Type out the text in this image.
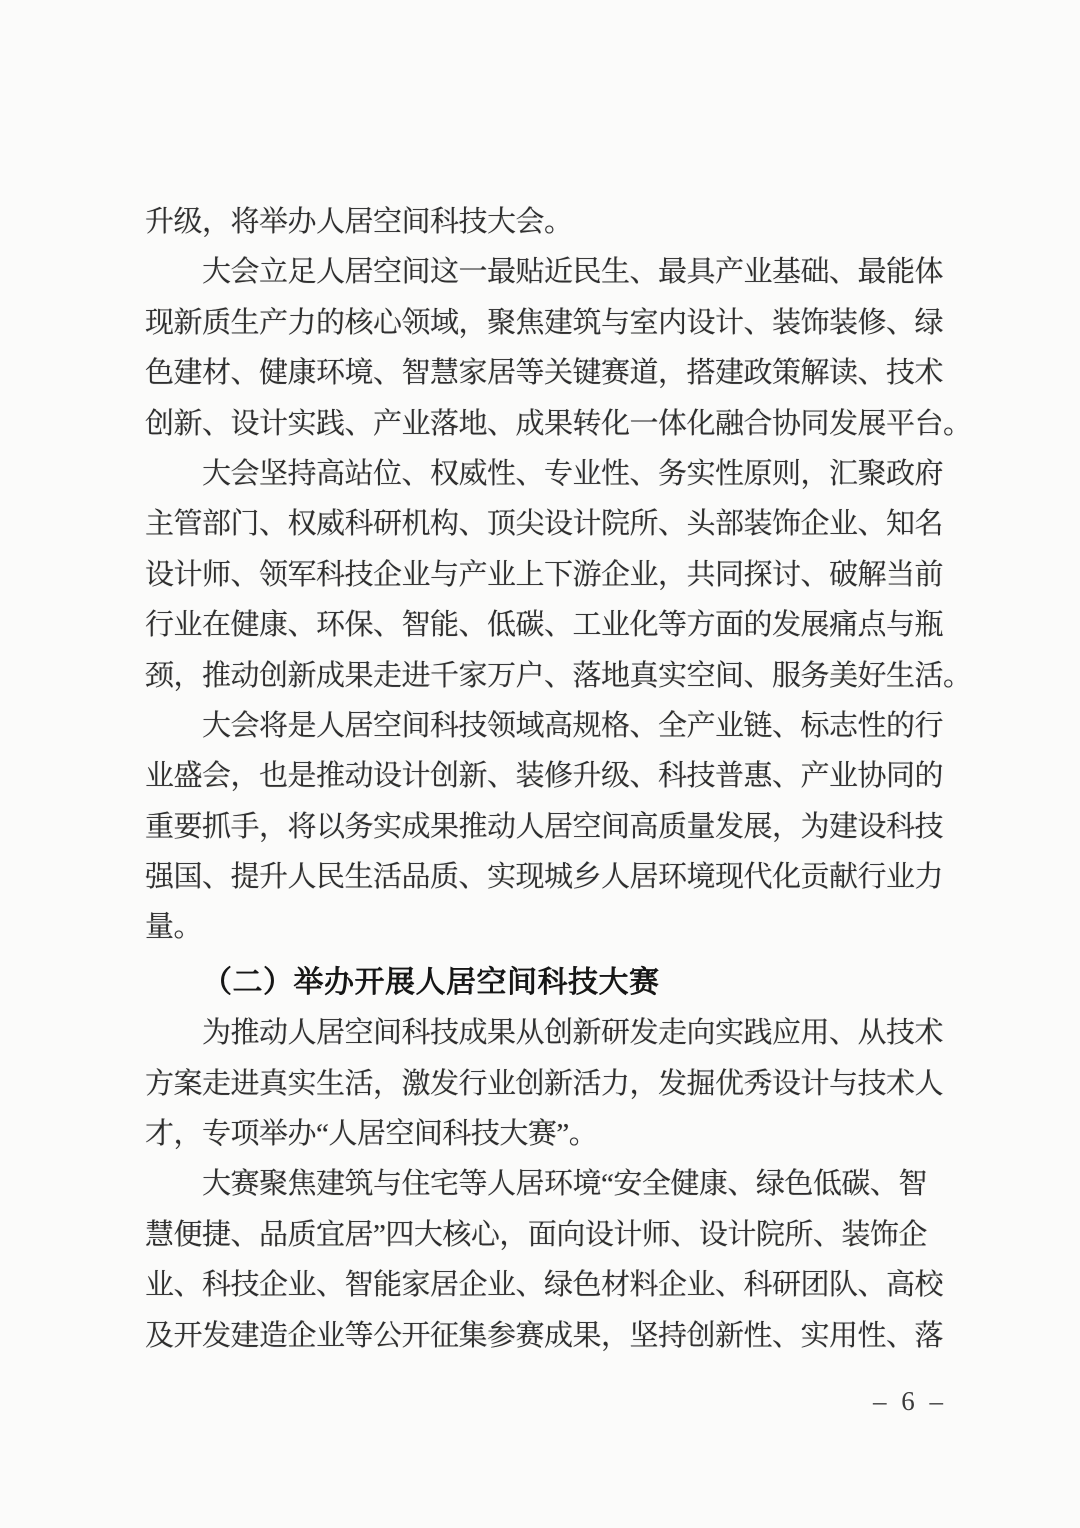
升级，将举办人居空间科技大会。
大会立足人居空间这一最贴近民生、最具产业基础、最能体
现新质生产力的核心领域，聚焦建筑与室内设计、装饰装修、绿
色建材、健康环境、智慧家居等关键赛道，搭建政策解读、技术
创新、设计实践、产业落地、成果转化一体化融合协同发展平台。
大会坚持高站位、权威性、专业性、务实性原则，汇聚政府
主管部门、权威科研机构、顶尖设计院所、头部装饰企业、知名
设计师、领军科技企业与产业上下游企业，共同探讨、破解当前
行业在健康、环保、智能、低碳、工业化等方面的发展痛点与瓶
颈，推动创新成果走进千家万户、落地真实空间、服务美好生活。
大会将是人居空间科技领域高规格、全产业链、标志性的行
业盛会，也是推动设计创新、装修升级、科技普惠、产业协同的
重要抓手，将以务实成果推动人居空间高质量发展，为建设科技
强国、提升人民生活品质、实现城乡人居环境现代化贡献行业力
量。
（二）举办开展人居空间科技大赛
为推动人居空间科技成果从创新研发走向实践应用、从技术
方案走进真实生活，激发行业创新活力，发掘优秀设计与技术人
才，专项举办“人居空间科技大赛”。
大赛聚焦建筑与住宅等人居环境“安全健康、绿色低碳、智
慧便捷、品质宜居”四大核心，面向设计师、设计院所、装饰企
业、科技企业、智能家居企业、绿色材料企业、科研团队、高校
及开发建造企业等公开征集参赛成果，坚持创新性、实用性、落
– 6 –
